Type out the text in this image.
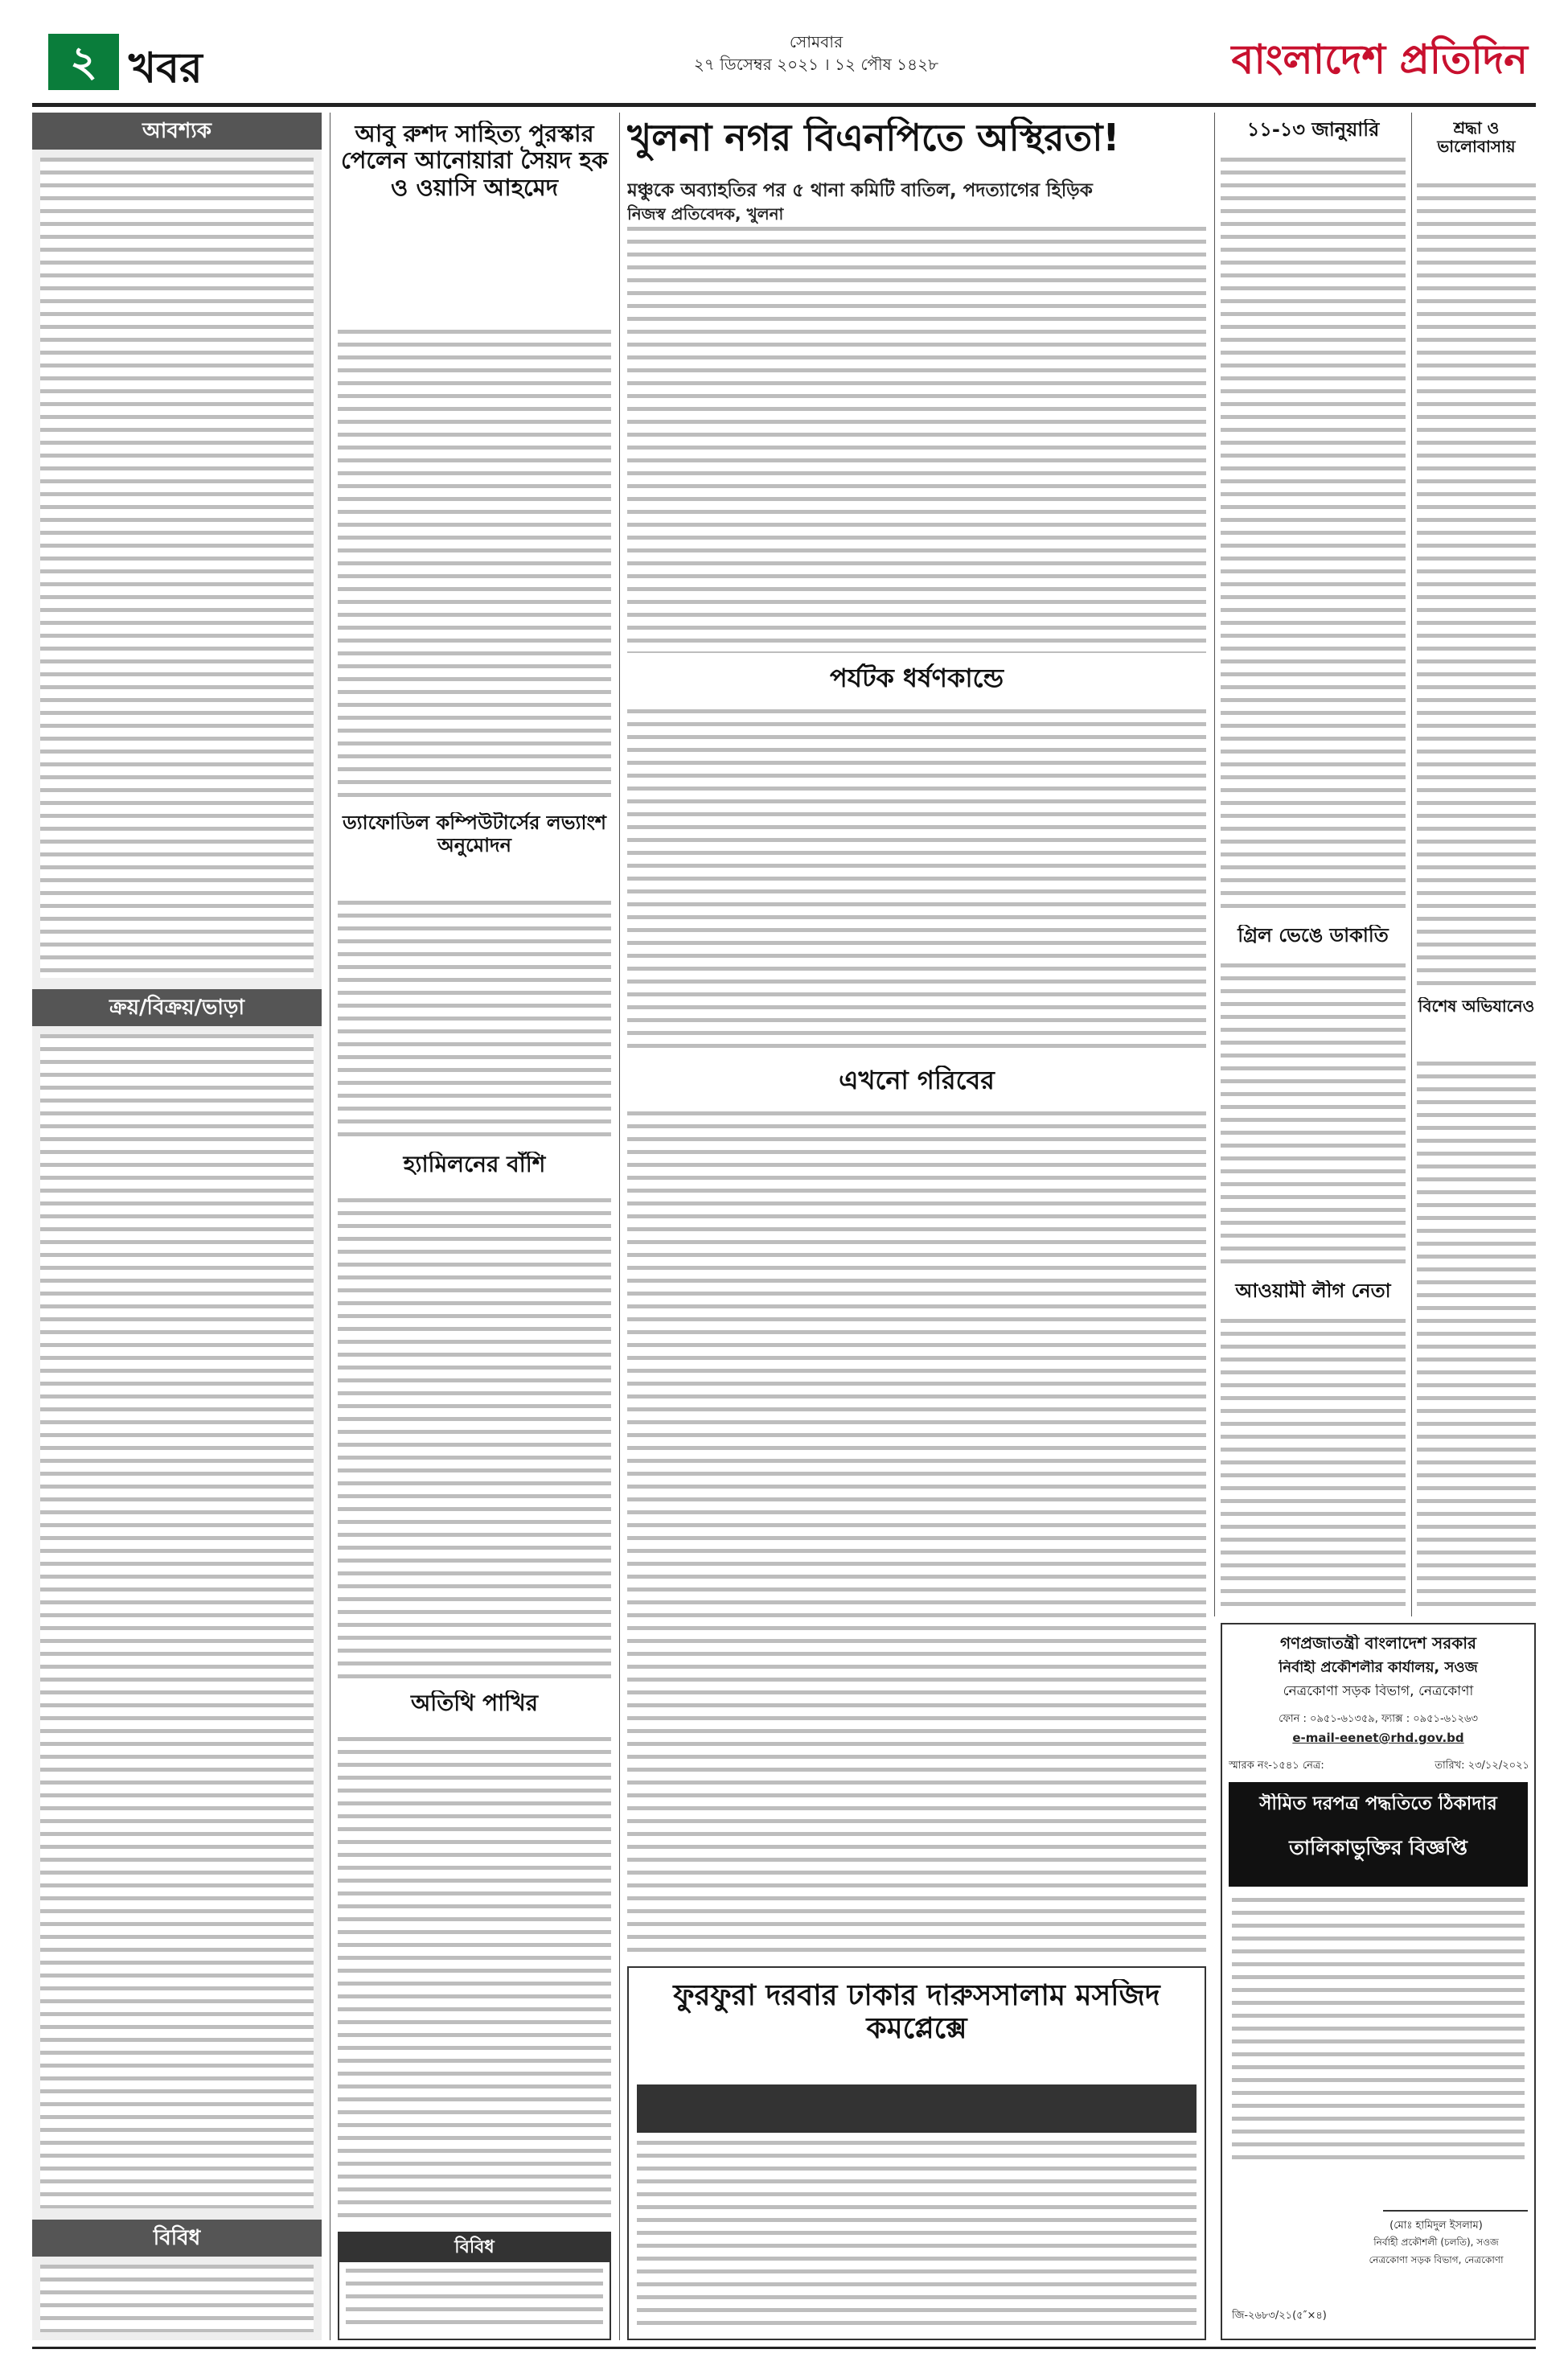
২ খবর
সোমবার
২৭ ডিসেম্বর ২০২১ । ১২ পৌষ ১৪২৮	বাংলাদেশ প্রতিদিন
আবশ্যক
ক্রয়/বিক্রয়/ভাড়া
বিবিধ
আবু রুশদ সাহিত্য পুরস্কার পেলেন আনোয়ারা সৈয়দ হক ও ওয়াসি আহমেদ
ড্যাফোডিল কম্পিউটার্সের লভ্যাংশ অনুমোদন
হ্যামিলনের বাঁশি
অতিথি পাখির
বিবিধ
খুলনা নগর বিএনপিতে অস্থিরতা!
মঞ্চুকে অব্যাহতির পর ৫ থানা কমিটি বাতিল, পদত্যাগের হিড়িক
নিজস্ব প্রতিবেদক, খুলনা
পর্যটক ধর্ষণকান্ডে
এখনো গরিবের
ফুরফুরা দরবার ঢাকার দারুসসালাম মসজিদ কমপ্লেক্সে
১১-১৩ জানুয়ারি
গ্রিল ভেঙে ডাকাতি
আওয়ামী লীগ নেতা
শ্রদ্ধা ও ভালোবাসায়
বিশেষ অভিযানেও
গণপ্রজাতন্ত্রী বাংলাদেশ সরকার
নির্বাহী প্রকৌশলীর কার্যালয়, সওজ
নেত্রকোণা সড়ক বিভাগ, নেত্রকোণা
ফোন : ০৯৫১-৬১৩৫৯, ফ্যাক্স : ০৯৫১-৬১২৬৩
e-mail-eenet@rhd.gov.bd
স্মারক নং-১৫৪১ নেত্র:	তারিখ: ২৩/১২/২০২১
সীমিত দরপত্র পদ্ধতিতে ঠিকাদার
তালিকাভুক্তির বিজ্ঞপ্তি
(মোঃ হামিদুল ইসলাম)
নির্বাহী প্রকৌশলী (চলতি), সওজ
নেত্রকোণা সড়ক বিভাগ, নেত্রকোণা
জি-২৬৮৩/২১(৫″×৪)
